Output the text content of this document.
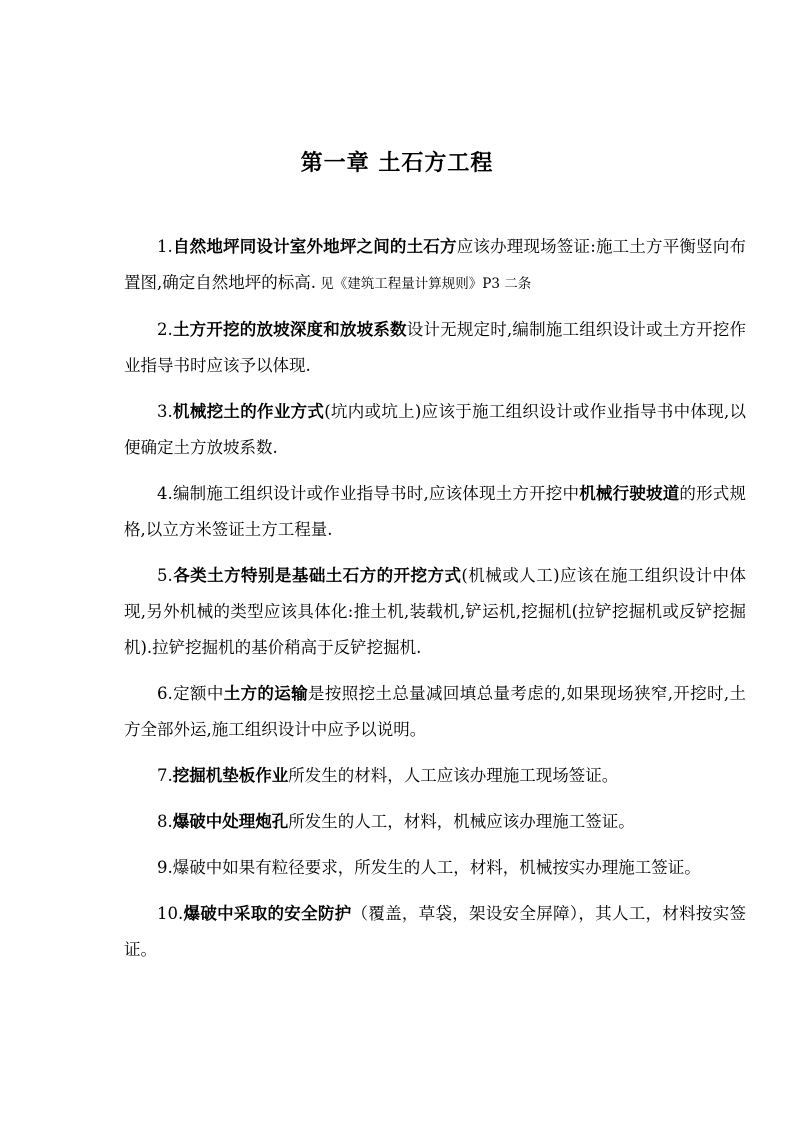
第一章 土石方工程

1.自然地坪同设计室外地坪之间的土石方应该办理现场签证:施工土方平衡竖向布置图,确定自然地坪的标高. 见《建筑工程量计算规则》P3 二条

2.土方开挖的放坡深度和放坡系数设计无规定时,编制施工组织设计或土方开挖作业指导书时应该予以体现.

3.机械挖土的作业方式(坑内或坑上)应该于施工组织设计或作业指导书中体现,以便确定土方放坡系数.

4.编制施工组织设计或作业指导书时,应该体现土方开挖中机械行驶坡道的形式规格,以立方米签证土方工程量.

5.各类土方特别是基础土石方的开挖方式(机械或人工)应该在施工组织设计中体现,另外机械的类型应该具体化:推土机,装载机,铲运机,挖掘机(拉铲挖掘机或反铲挖掘机).拉铲挖掘机的基价稍高于反铲挖掘机.

6.定额中土方的运输是按照挖土总量减回填总量考虑的,如果现场狭窄,开挖时,土方全部外运,施工组织设计中应予以说明。

7.挖掘机垫板作业所发生的材料，人工应该办理施工现场签证。

8.爆破中处理炮孔所发生的人工，材料，机械应该办理施工签证。

9.爆破中如果有粒径要求，所发生的人工，材料，机械按实办理施工签证。

10.爆破中采取的安全防护（覆盖，草袋，架设安全屏障），其人工，材料按实签证。
